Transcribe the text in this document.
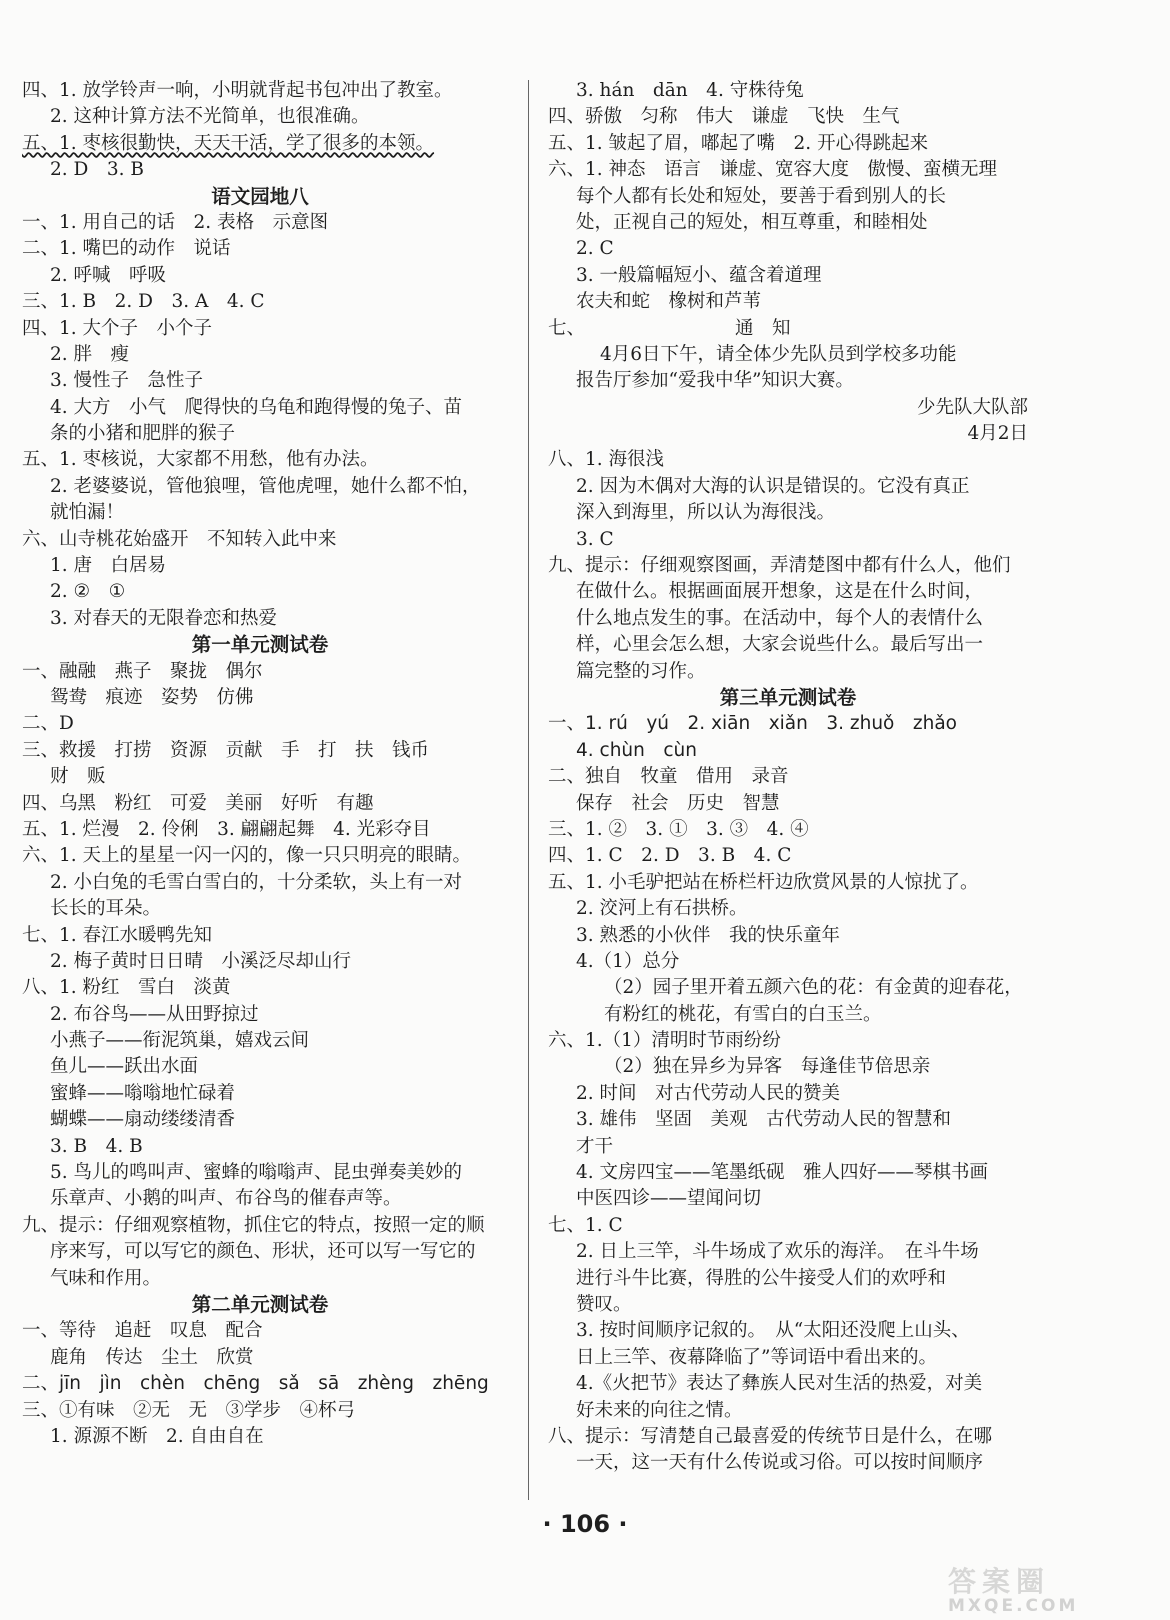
四、1. 放学铃声一响，小明就背起书包冲出了教室。
2. 这种计算方法不光简单，也很准确。
五、1. 枣核很勤快，天天干活，学了很多的本领。
2. D　3. B
语文园地八
一、1. 用自己的话　2. 表格　示意图
二、1. 嘴巴的动作　说话
2. 呼喊　呼吸
三、1. B　2. D　3. A　4. C
四、1. 大个子　小个子
2. 胖　瘦
3. 慢性子　急性子
4. 大方　小气　爬得快的乌龟和跑得慢的兔子、苗
条的小猪和肥胖的猴子
五、1. 枣核说，大家都不用愁，他有办法。
2. 老婆婆说，管他狼哩，管他虎哩，她什么都不怕，
就怕漏！
六、山寺桃花始盛开　不知转入此中来
1. 唐　白居易
2. ②　①
3. 对春天的无限眷恋和热爱
第一单元测试卷
一、融融　燕子　聚拢　偶尔
鸳鸯　痕迹　姿势　仿佛
二、D
三、救援　打捞　资源　贡献　手　打　扶　钱币
财　贩
四、乌黑　粉红　可爱　美丽　好听　有趣
五、1. 烂漫　2. 伶俐　3. 翩翩起舞　4. 光彩夺目
六、1. 天上的星星一闪一闪的，像一只只明亮的眼睛。
2. 小白兔的毛雪白雪白的，十分柔软，头上有一对
长长的耳朵。
七、1. 春江水暖鸭先知
2. 梅子黄时日日晴　小溪泛尽却山行
八、1. 粉红　雪白　淡黄
2. 布谷鸟——从田野掠过
小燕子——衔泥筑巢，嬉戏云间
鱼儿——跃出水面
蜜蜂——嗡嗡地忙碌着
蝴蝶——扇动缕缕清香
3. B　4. B
5. 鸟儿的鸣叫声、蜜蜂的嗡嗡声、昆虫弹奏美妙的
乐章声、小鹅的叫声、布谷鸟的催春声等。
九、提示：仔细观察植物，抓住它的特点，按照一定的顺
序来写，可以写它的颜色、形状，还可以写一写它的
气味和作用。
第二单元测试卷
一、等待　追赶　叹息　配合
鹿角　传达　尘土　欣赏
二、jīn　jìn　chèn　chēng　sǎ　sā　zhèng　zhēng
三、①有味　②无　无　③学步　④杯弓
1. 源源不断　2. 自由自在
3. hán　dān　4. 守株待兔
四、骄傲　匀称　伟大　谦虚　飞快　生气
五、1. 皱起了眉，嘟起了嘴　2. 开心得跳起来
六、1. 神态　语言　谦虚、宽容大度　傲慢、蛮横无理
每个人都有长处和短处，要善于看到别人的长
处，正视自己的短处，相互尊重，和睦相处
2. C
3. 一般篇幅短小、蕴含着道理
农夫和蛇　橡树和芦苇
七、	通　知
4月6日下午，请全体少先队员到学校多功能
报告厅参加“爱我中华”知识大赛。
少先队大队部
4月2日　　
八、1. 海很浅
2. 因为木偶对大海的认识是错误的。它没有真正
深入到海里，所以认为海很浅。
3. C
九、提示：仔细观察图画，弄清楚图中都有什么人，他们
在做什么。根据画面展开想象，这是在什么时间，
什么地点发生的事。在活动中，每个人的表情什么
样，心里会怎么想，大家会说些什么。最后写出一
篇完整的习作。
第三单元测试卷
一、1. rú　yú　2. xiān　xiǎn　3. zhuǒ　zhǎo
4. chùn　cùn
二、独自　牧童　借用　录音
保存　社会　历史　智慧
三、1. ②　3. ①　3. ③　4. ④
四、1. C　2. D　3. B　4. C
五、1. 小毛驴把站在桥栏杆边欣赏风景的人惊扰了。
2. 洨河上有石拱桥。
3. 熟悉的小伙伴　我的快乐童年
4.（1）总分
（2）园子里开着五颜六色的花：有金黄的迎春花，
有粉红的桃花，有雪白的白玉兰。
六、1.（1）清明时节雨纷纷
（2）独在异乡为异客　每逢佳节倍思亲
2. 时间　对古代劳动人民的赞美
3. 雄伟　坚固　美观　古代劳动人民的智慧和
才干
4. 文房四宝——笔墨纸砚　雅人四好——琴棋书画
中医四诊——望闻问切
七、1. C
2. 日上三竿，斗牛场成了欢乐的海洋。　在斗牛场
进行斗牛比赛，得胜的公牛接受人们的欢呼和
赞叹。
3. 按时间顺序记叙的。　从“太阳还没爬上山头、
日上三竿、夜幕降临了”等词语中看出来的。
4.《火把节》表达了彝族人民对生活的热爱，对美
好未来的向往之情。
八、提示：写清楚自己最喜爱的传统节日是什么，在哪
一天，这一天有什么传说或习俗。可以按时间顺序
· 106 ·
答案圈
MXQE.COM
